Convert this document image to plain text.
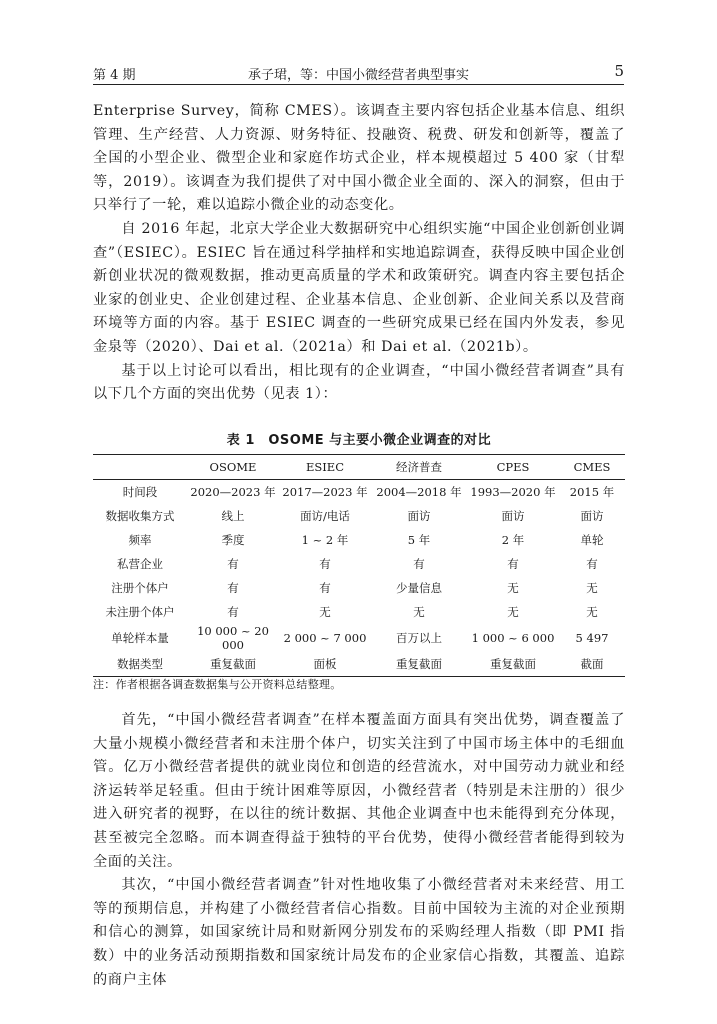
第 4 期	承子珺，等：中国小微经营者典型事实	5

Enterprise Survey，简称 CMES）。该调查主要内容包括企业基本信息、组织管理、生产经营、人力资源、财务特征、投融资、税费、研发和创新等，覆盖了全国的小型企业、微型企业和家庭作坊式企业，样本规模超过 5 400 家（甘犁等，2019）。该调查为我们提供了对中国小微企业全面的、深入的洞察，但由于只举行了一轮，难以追踪小微企业的动态变化。

自 2016 年起，北京大学企业大数据研究中心组织实施“中国企业创新创业调查”（ESIEC）。ESIEC 旨在通过科学抽样和实地追踪调查，获得反映中国企业创新创业状况的微观数据，推动更高质量的学术和政策研究。调查内容主要包括企业家的创业史、企业创建过程、企业基本信息、企业创新、企业间关系以及营商环境等方面的内容。基于 ESIEC 调查的一些研究成果已经在国内外发表，参见金泉等（2020）、Dai et al.（2021a）和 Dai et al.（2021b）。

基于以上讨论可以看出，相比现有的企业调查，“中国小微经营者调查”具有以下几个方面的突出优势（见表 1）：

表 1　OSOME 与主要小微企业调查的对比
	OSOME	ESIEC	经济普查	CPES	CMES
时间段	2020—2023 年	2017—2023 年	2004—2018 年	1993—2020 年	2015 年
数据收集方式	线上	面访/电话	面访	面访	面访
频率	季度	1 ~ 2 年	5 年	2 年	单轮
私营企业	有	有	有	有	有
注册个体户	有	有	少量信息	无	无
未注册个体户	有	无	无	无	无
单轮样本量	10 000 ~ 20 000	2 000 ~ 7 000	百万以上	1 000 ~ 6 000	5 497
数据类型	重复截面	面板	重复截面	重复截面	截面
注：作者根据各调查数据集与公开资料总结整理。

首先，“中国小微经营者调查”在样本覆盖面方面具有突出优势，调查覆盖了大量小规模小微经营者和未注册个体户，切实关注到了中国市场主体中的毛细血管。亿万小微经营者提供的就业岗位和创造的经营流水，对中国劳动力就业和经济运转举足轻重。但由于统计困难等原因，小微经营者（特别是未注册的）很少进入研究者的视野，在以往的统计数据、其他企业调查中也未能得到充分体现，甚至被完全忽略。而本调查得益于独特的平台优势，使得小微经营者能得到较为全面的关注。

其次，“中国小微经营者调查”针对性地收集了小微经营者对未来经营、用工等的预期信息，并构建了小微经营者信心指数。目前中国较为主流的对企业预期和信心的测算，如国家统计局和财新网分别发布的采购经理人指数（即 PMI 指数）中的业务活动预期指数和国家统计局发布的企业家信心指数，其覆盖、追踪的商户主体
